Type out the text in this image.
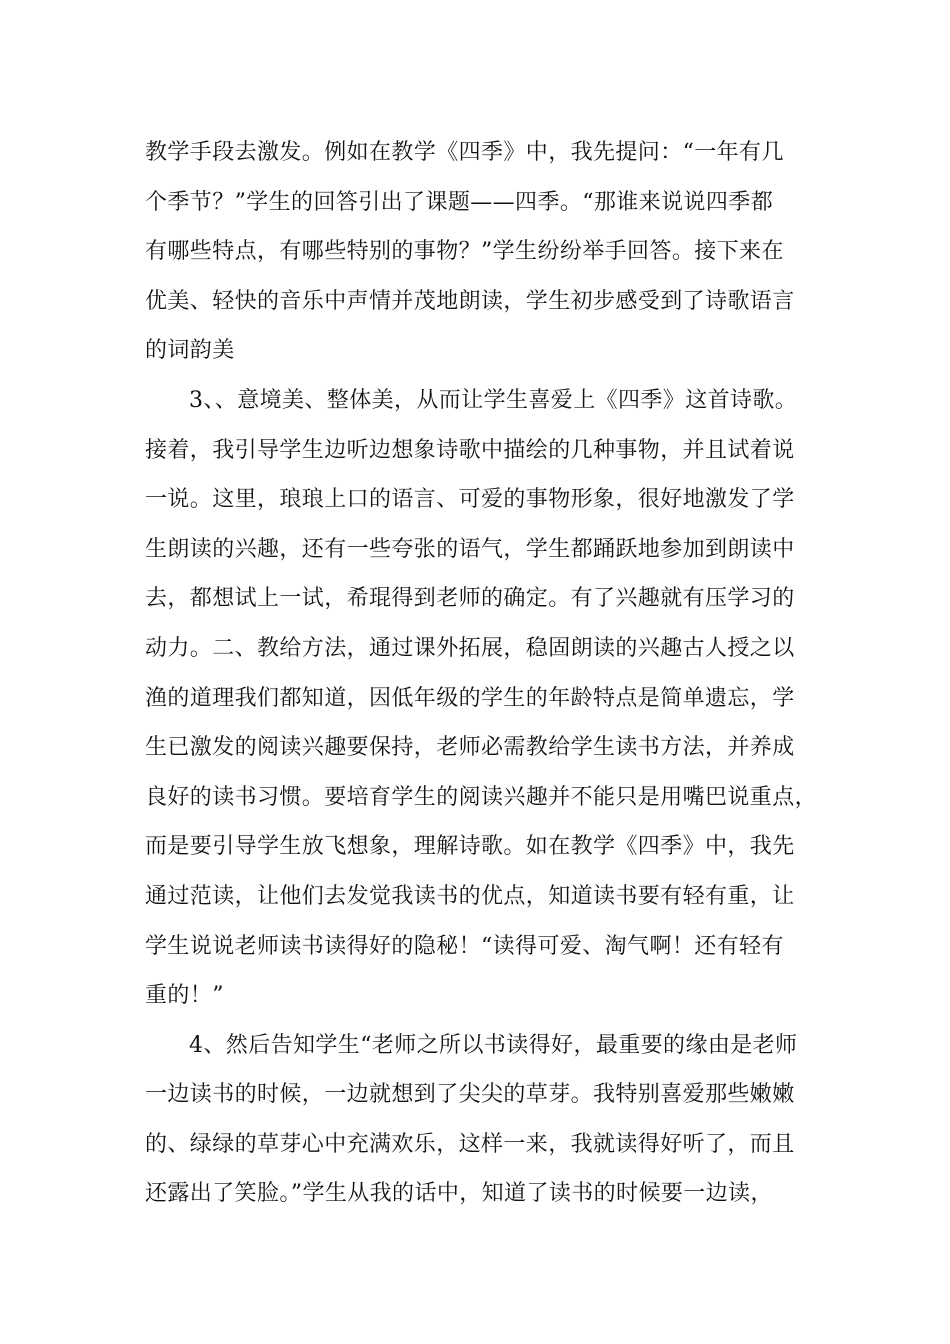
教学手段去激发。例如在教学《四季》中，我先提问：“一年有几
个季节？”学生的回答引出了课题——四季。“那谁来说说四季都
有哪些特点，有哪些特别的事物？”学生纷纷举手回答。接下来在
优美、轻快的音乐中声情并茂地朗读，学生初步感受到了诗歌语言
的词韵美
3、、意境美、整体美，从而让学生喜爱上《四季》这首诗歌。
接着，我引导学生边听边想象诗歌中描绘的几种事物，并且试着说
一说。这里，琅琅上口的语言、可爱的事物形象，很好地激发了学
生朗读的兴趣，还有一些夸张的语气，学生都踊跃地参加到朗读中
去，都想试上一试，希琨得到老师的确定。有了兴趣就有压学习的
动力。二、教给方法，通过课外拓展，稳固朗读的兴趣古人授之以
渔的道理我们都知道，因低年级的学生的年龄特点是简单遗忘，学
生已激发的阅读兴趣要保持，老师必需教给学生读书方法，并养成
良好的读书习惯。要培育学生的阅读兴趣并不能只是用嘴巴说重点，
而是要引导学生放飞想象，理解诗歌。如在教学《四季》中，我先
通过范读，让他们去发觉我读书的优点，知道读书要有轻有重，让
学生说说老师读书读得好的隐秘！“读得可爱、淘气啊！还有轻有
重的！”
4、然后告知学生“老师之所以书读得好，最重要的缘由是老师
一边读书的时候，一边就想到了尖尖的草芽。我特别喜爱那些嫩嫩
的、绿绿的草芽心中充满欢乐，这样一来，我就读得好听了，而且
还露出了笑脸。”学生从我的话中，知道了读书的时候要一边读，
